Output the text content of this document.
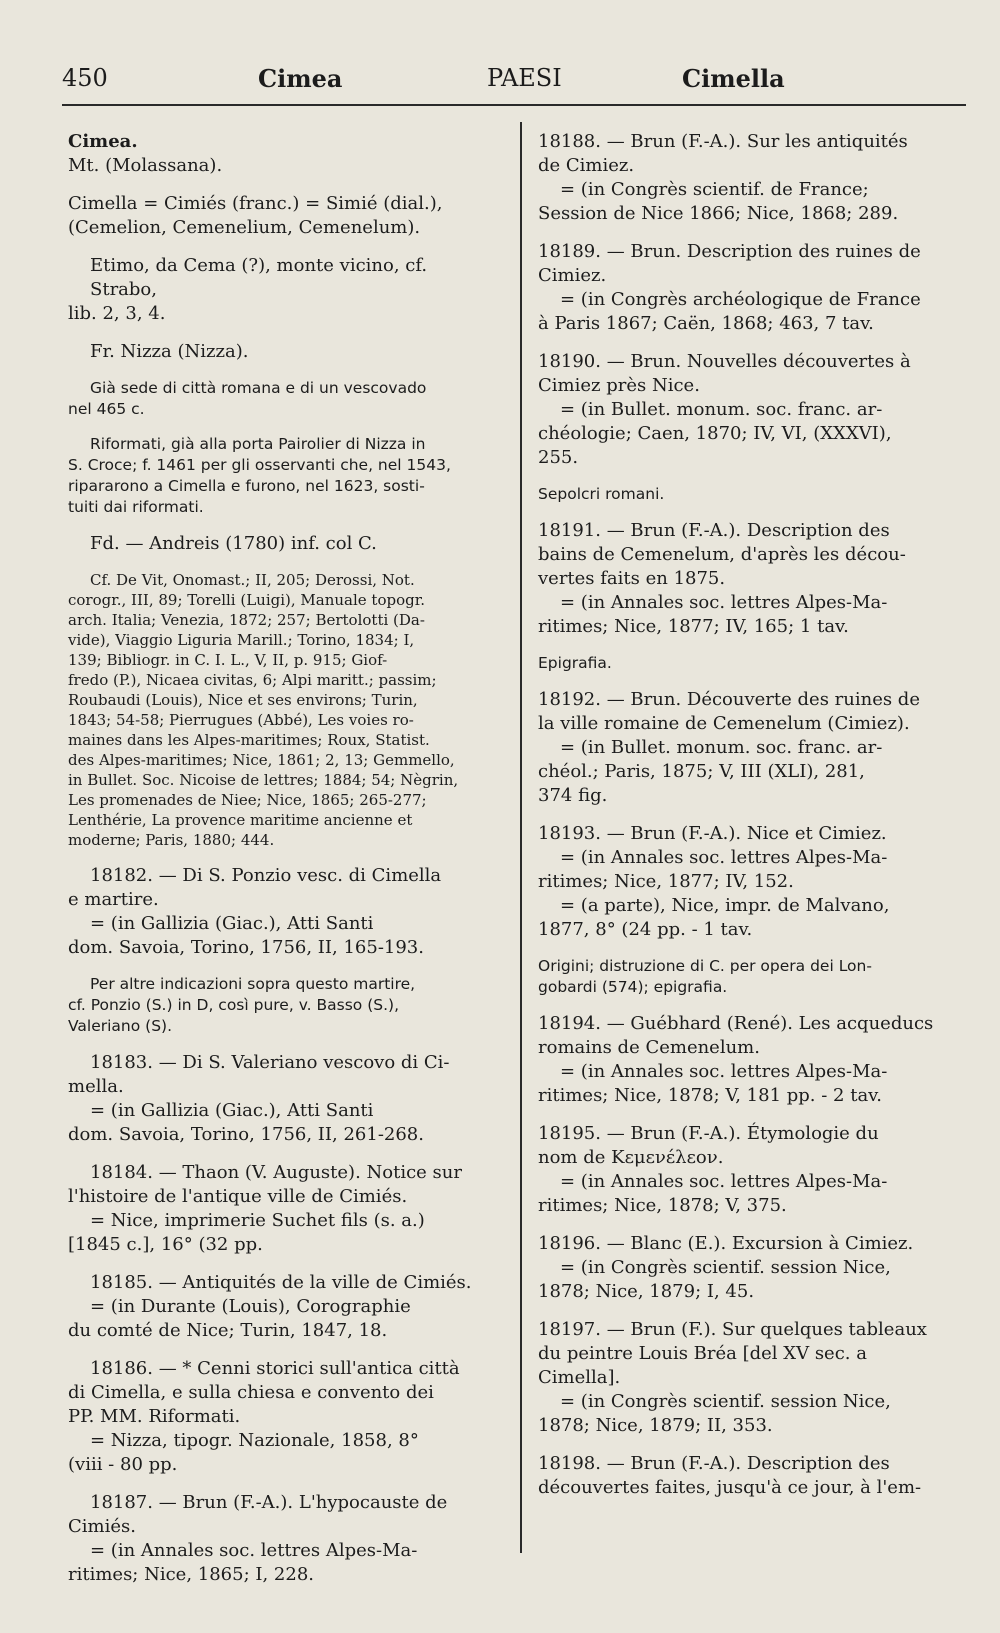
450	Cimea	PAESI	Cimella

Cimea.

Mt. (Molassana).

Cimella = Cimiés (franc.) = Simié (dial.),

(Cemelion, Cemenelium, Cemenelum).

Etimo, da Cema (?), monte vicino, cf. Strabo,

lib. 2, 3, 4.

Fr. Nizza (Nizza).

Già sede di città romana e di un vescovado

nel 465 c.

Riformati, già alla porta Pairolier di Nizza in

S. Croce; f. 1461 per gli osservanti che, nel 1543,

ripararono a Cimella e furono, nel 1623, sosti-

tuiti dai riformati.

Fd. — Andreis (1780) inf. col C.

Cf. De Vit, Onomast.; II, 205; Derossi, Not.

corogr., III, 89; Torelli (Luigi), Manuale topogr.

arch. Italia; Venezia, 1872; 257; Bertolotti (Da-

vide), Viaggio Liguria Marill.; Torino, 1834; I,

139; Bibliogr. in C. I. L., V, II, p. 915; Giof-

fredo (P.), Nicaea civitas, 6; Alpi maritt.; passim;

Roubaudi (Louis), Nice et ses environs; Turin,

1843; 54-58; Pierrugues (Abbé), Les voies ro-

maines dans les Alpes-maritimes; Roux, Statist.

des Alpes-maritimes; Nice, 1861; 2, 13; Gemmello,

in Bullet. Soc. Nicoise de lettres; 1884; 54; Nègrin,

Les promenades de Niee; Nice, 1865; 265-277;

Lenthérie, La provence maritime ancienne et

moderne; Paris, 1880; 444.

18182. — Di S. Ponzio vesc. di Cimella

e martire.

= (in Gallizia (Giac.), Atti Santi

dom. Savoia, Torino, 1756, II, 165-193.

Per altre indicazioni sopra questo martire,

cf. Ponzio (S.) in D, così pure, v. Basso (S.),

Valeriano (S).

18183. — Di S. Valeriano vescovo di Ci-

mella.

= (in Gallizia (Giac.), Atti Santi

dom. Savoia, Torino, 1756, II, 261-268.

18184. — Thaon (V. Auguste). Notice sur

l'histoire de l'antique ville de Cimiés.

= Nice, imprimerie Suchet fils (s. a.)

[1845 c.], 16° (32 pp.

18185. — Antiquités de la ville de Cimiés.

= (in Durante (Louis), Corographie

du comté de Nice; Turin, 1847, 18.

18186. — * Cenni storici sull'antica città

di Cimella, e sulla chiesa e convento dei

PP. MM. Riformati.

= Nizza, tipogr. Nazionale, 1858, 8°

(viii - 80 pp.

18187. — Brun (F.-A.). L'hypocauste de

Cimiés.

= (in Annales soc. lettres Alpes-Ma-

ritimes; Nice, 1865; I, 228.

18188. — Brun (F.-A.). Sur les antiquités

de Cimiez.

= (in Congrès scientif. de France;

Session de Nice 1866; Nice, 1868; 289.

18189. — Brun. Description des ruines de

Cimiez.

= (in Congrès archéologique de France

à Paris 1867; Caën, 1868; 463, 7 tav.

18190. — Brun. Nouvelles découvertes à

Cimiez près Nice.

= (in Bullet. monum. soc. franc. ar-

chéologie; Caen, 1870; IV, VI, (XXXVI),

255.

Sepolcri romani.

18191. — Brun (F.-A.). Description des

bains de Cemenelum, d'après les décou-

vertes faits en 1875.

= (in Annales soc. lettres Alpes-Ma-

ritimes; Nice, 1877; IV, 165; 1 tav.

Epigrafia.

18192. — Brun. Découverte des ruines de

la ville romaine de Cemenelum (Cimiez).

= (in Bullet. monum. soc. franc. ar-

chéol.; Paris, 1875; V, III (XLI), 281,

374 fig.

18193. — Brun (F.-A.). Nice et Cimiez.

= (in Annales soc. lettres Alpes-Ma-

ritimes; Nice, 1877; IV, 152.

= (a parte), Nice, impr. de Malvano,

1877, 8° (24 pp. - 1 tav.

Origini; distruzione di C. per opera dei Lon-

gobardi (574); epigrafia.

18194. — Guébhard (René). Les acqueducs

romains de Cemenelum.

= (in Annales soc. lettres Alpes-Ma-

ritimes; Nice, 1878; V, 181 pp. - 2 tav.

18195. — Brun (F.-A.). Étymologie du

nom de Κεμενέλεον.

= (in Annales soc. lettres Alpes-Ma-

ritimes; Nice, 1878; V, 375.

18196. — Blanc (E.). Excursion à Cimiez.

= (in Congrès scientif. session Nice,

1878; Nice, 1879; I, 45.

18197. — Brun (F.). Sur quelques tableaux

du peintre Louis Bréa [del XV sec. a

Cimella].

= (in Congrès scientif. session Nice,

1878; Nice, 1879; II, 353.

18198. — Brun (F.-A.). Description des

découvertes faites, jusqu'à ce jour, à l'em-
